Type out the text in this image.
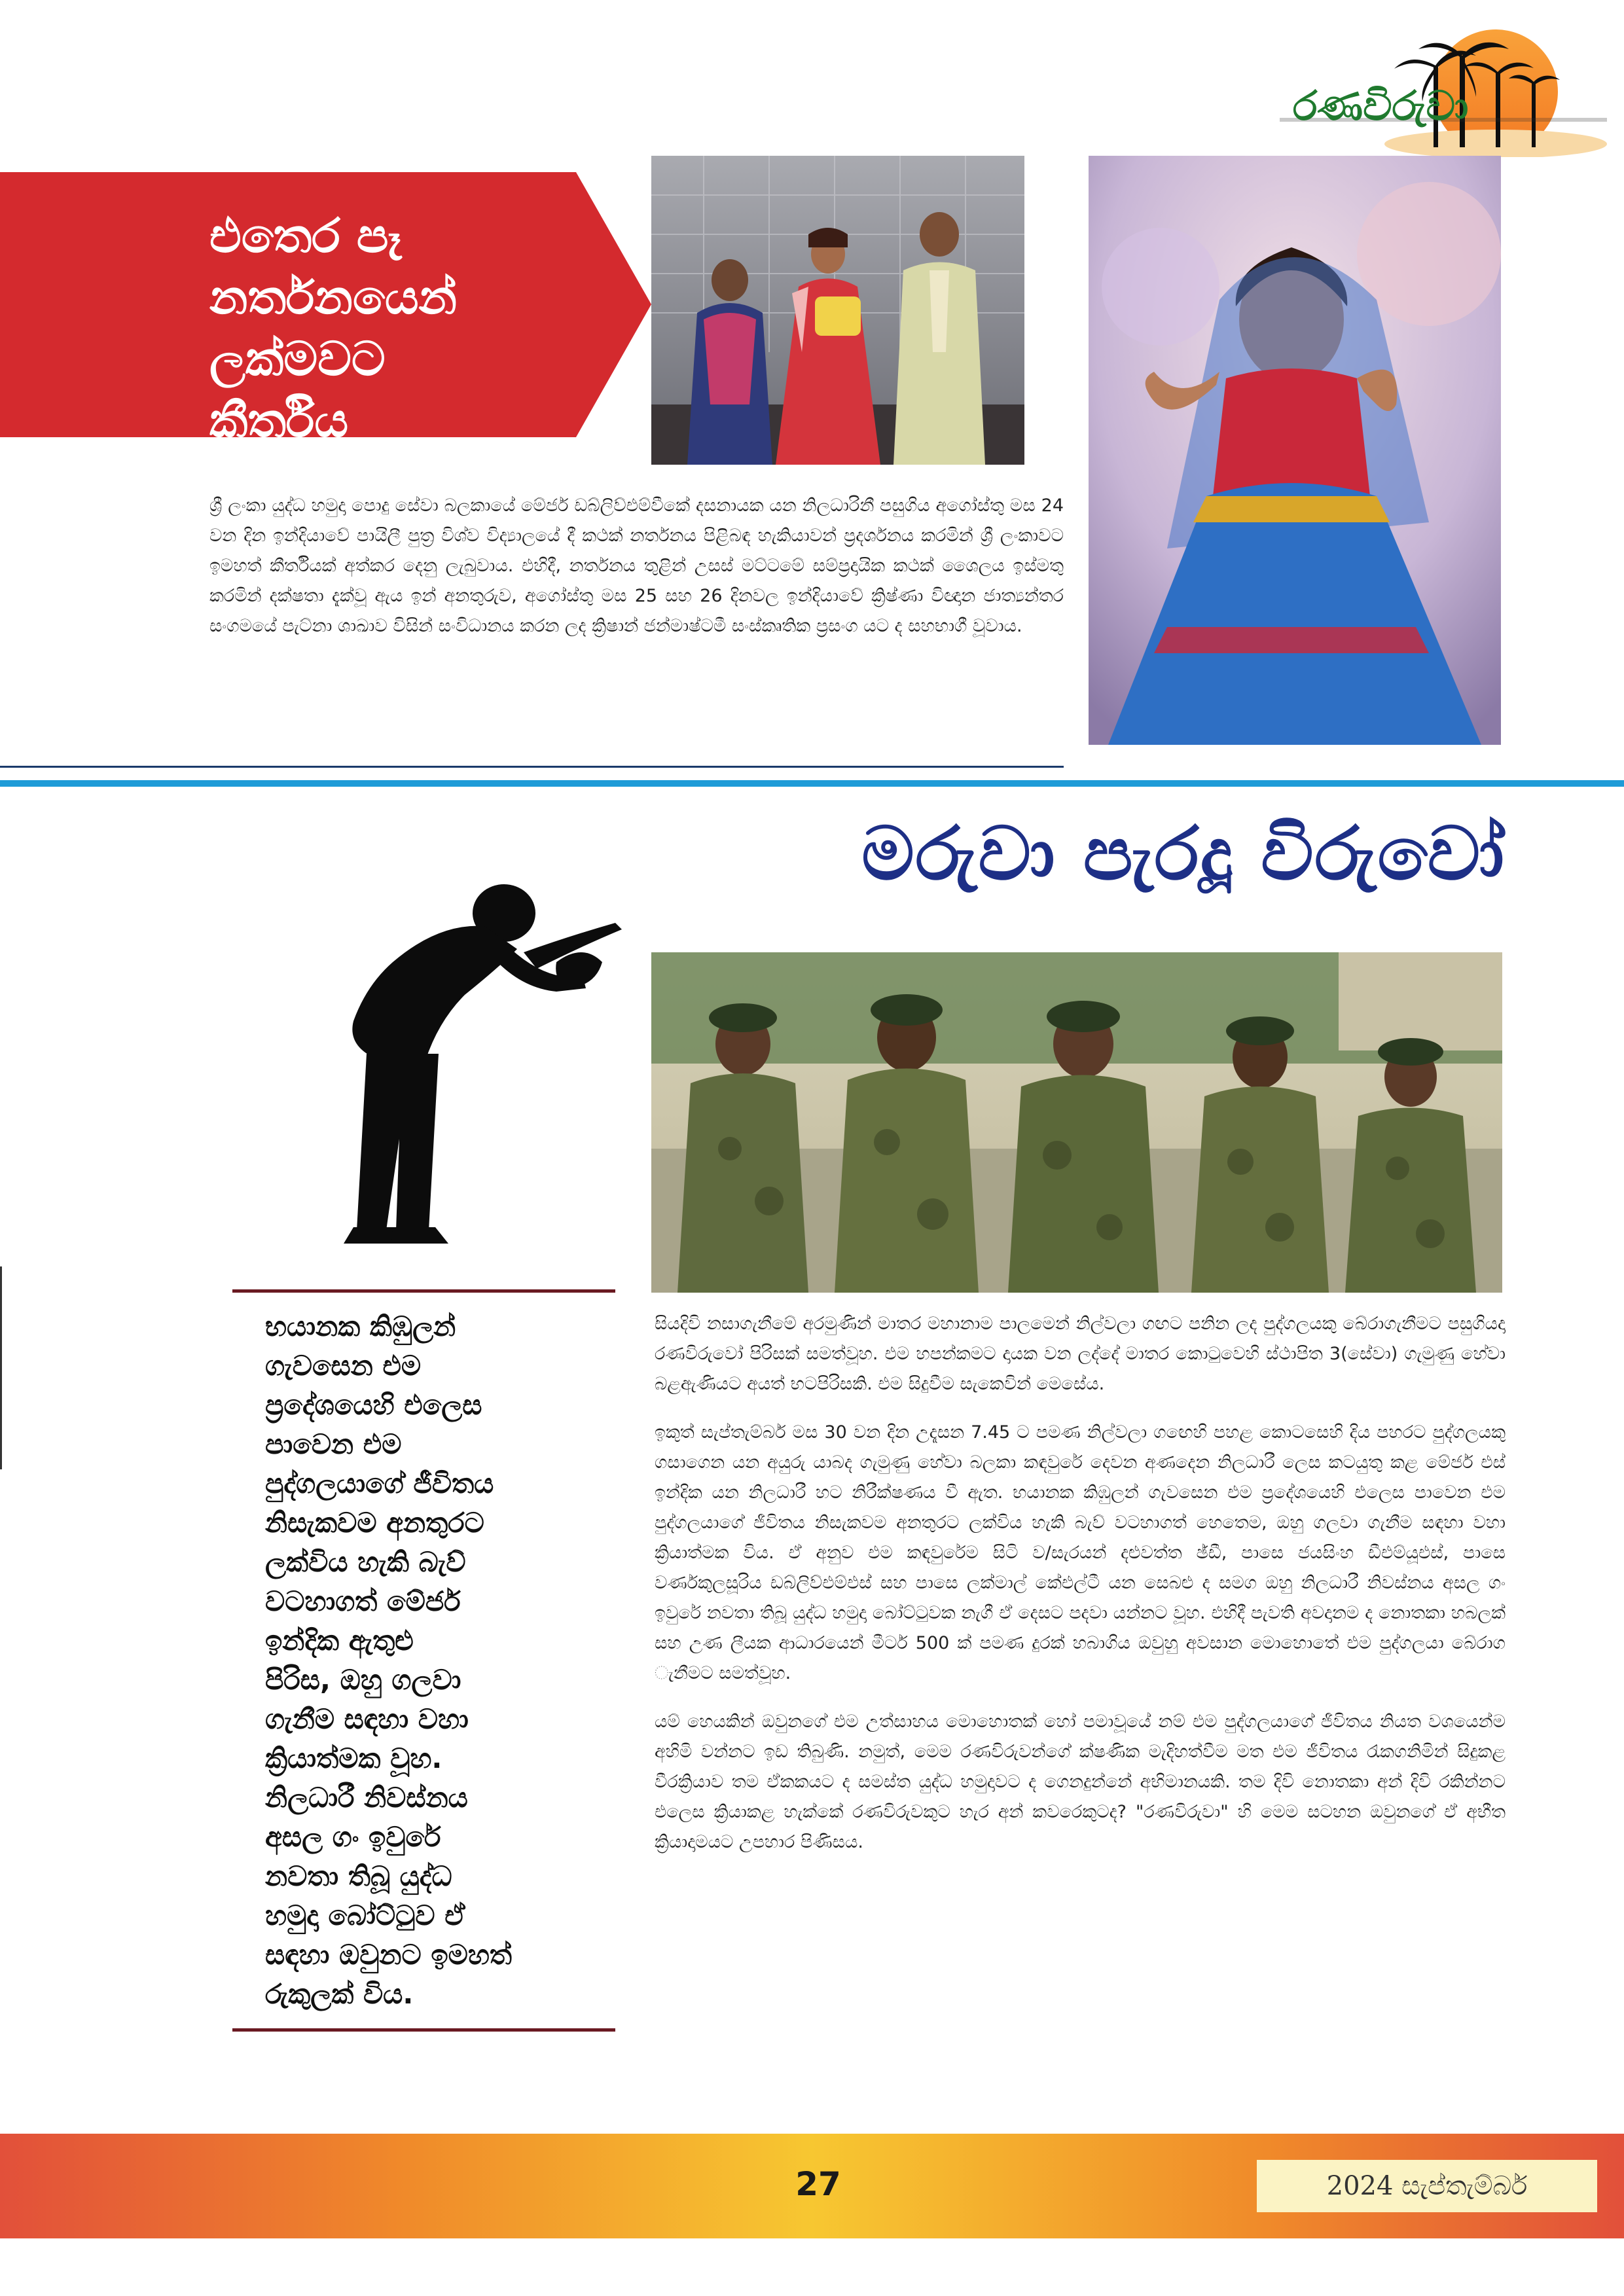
රණවිරුවා
එතෙර පෑ
නර්තනයෙන්
ලක්මවට
කීර්තිය
ශ්‍රී ලංකා යුද්ධ හමුදා පොදු සේවා බලකායේ මේජර් ඩබ්ලිව්එම්වීකේ දසනායක යන නිලධාරිනී පසුගිය අගෝස්තු මස 24 වන දින ඉන්දියාවේ පායිලී පුත්‍ර විශ්ව විද්‍යාලයේ දී කථක් නර්තනය පිළිබඳ හැකියාවන් ප්‍රදර්ශනය කරමින් ශ්‍රී ලංකාවට ඉමහත් කීර්තියක් අත්කර දෙනු ලැබුවාය. එහිදී, නර්තනය තුළින් උසස් මට්ටමේ සම්ප්‍රදායික කථක් ශෛලය ඉස්මතු කරමින් දක්ෂතා දැක්වූ ඇය ඉන් අනතුරුව, අගෝස්තු මස 25 සහ 26 දිනවල ඉන්දියාවේ ක්‍රිෂ්ණා විඥාන ජාත්‍යන්තර සංගමයේ පැට්නා ශාඛාව විසින් සංවිධානය කරන ලද ක්‍රිෂාන් ජන්මාෂ්ටමී සංස්කෘතික ප්‍රසංග යට ද සහභාගී වූවාය.
මරුවා පැරදූ විරුවෝ
භයානක කිඹුලන්
ගැවසෙන එම
ප්‍රදේශයෙහි එලෙස
පාවෙන එම
පුද්ගලයාගේ ජීවිතය
නිසැකවම අනතුරට
ලක්විය හැකි බැව්
වටහාගත් මේජර්
ඉන්දික ඇතුළු
පිරිස, ඔහු ගලවා
ගැනීම සඳහා වහා
ක්‍රියාත්මක වූහ.
නිලධාරී නිවස්නය
අසල ගං ඉවුරේ
නවතා තිබූ යුද්ධ
හමුදා බෝට්ටුව ඒ
සඳහා ඔවුනට ඉමහත්
රුකුලක් විය.

සියදිවි නසාගැනීමේ අරමුණින් මාතර මහානාම පාලමෙන් නිල්වලා ගඟට පනින ලද පුද්ගලයකු බේරාගැනීමට පසුගියදා රණවිරුවෝ පිරිසක් සමත්වූහ. එම හපන්කමට දායක වන ලද්දේ මාතර කොටුවෙහි ස්ථාපිත 3(සේවා) ගැමුණු හේවා බළඇණියට අයත් භටපිරිසකි. එම සිදුවීම සැකෙවින් මෙසේය.

ඉකුත් සැප්තැම්බර් මස 30 වන දින උදෑසන 7.45 ට පමණ නිල්වලා ගඟෙහි පහළ කොටසෙහි දිය පහරට පුද්ගලයකු ගසාගෙන යන අයුරු යාබද ගැමුණු හේවා බලකා කඳවුරේ දෙවන අණදෙන නිලධාරී ලෙස කටයුතු කළ මේජර් එස් ඉන්දික යන නිලධාරී හට නිරීක්ෂණය වී ඇත. භයානක කිඹුලන් ගැවසෙන එම ප්‍රදේශයෙහි එලෙස පාවෙන එම පුද්ගලයාගේ ජීවිතය නිසැකවම අනතුරට ලක්විය හැකි බැව් වටහාගත් හෙතෙම, ඔහු ගලවා ගැනීම සඳහා වහා ක්‍රියාත්මක විය. ඒ අනුව එම කඳවුරේම සිටි ව/සැරයන් දළුවත්ත ඡ්ඩී, පාසෙ ජයසිංහ ඩීඑම්යූඑස්, පාසෙ වර්ණකුලසූරිය ඩබ්ලිව්එම්එස් සහ පාසෙ ලක්මාල් කේඑල්ටී යන සෙබළු ද සමග ඔහු නිලධාරී නිවස්නය අසල ගං ඉවුරේ නවතා තිබූ යුද්ධ හමුදා බෝට්ටුවක නැගී ඒ දෙසට පදවා යන්නට වූහ. එහිදී පැවති අවදානම ද නොතකා හබලක් සහ උණ ලීයක ආධාරයෙන් මීටර් 500 ක් පමණ දුරක් හබාගිය ඔවුහු අවසාන මොහොතේ එම පුද්ගලයා බේරාග ැනීමට සමත්වූහ.

යම් හෙයකින් ඔවුනගේ එම උත්සාහය මොහොතක් හෝ පමාවූයේ නම් එම පුද්ගලයාගේ ජීවිතය නියත වශයෙන්ම අහිමි වන්නට ඉඩ තිබුණි. නමුත්, මෙම රණවිරුවන්ගේ ක්ෂණික මැදිහත්වීම මත එම ජීවිතය රැකගනිමින් සිදුකළ වීරක්‍රියාව තම ඒකකයට ද සමස්ත යුද්ධ හමුදාවට ද ගෙනදුන්නේ අභිමානයකි. තම දිවි නොතකා අන් දිවි රකින්නට එලෙස ක්‍රියාකළ හැක්කේ රණවිරුවකුට හැර අන් කවරෙකුටද? "රණවිරුවා" හි මෙම සටහන ඔවුනගේ ඒ අභීත ක්‍රියාදාමයට උපහාර පිණිසය.

27	2024 සැප්තැම්බර්
